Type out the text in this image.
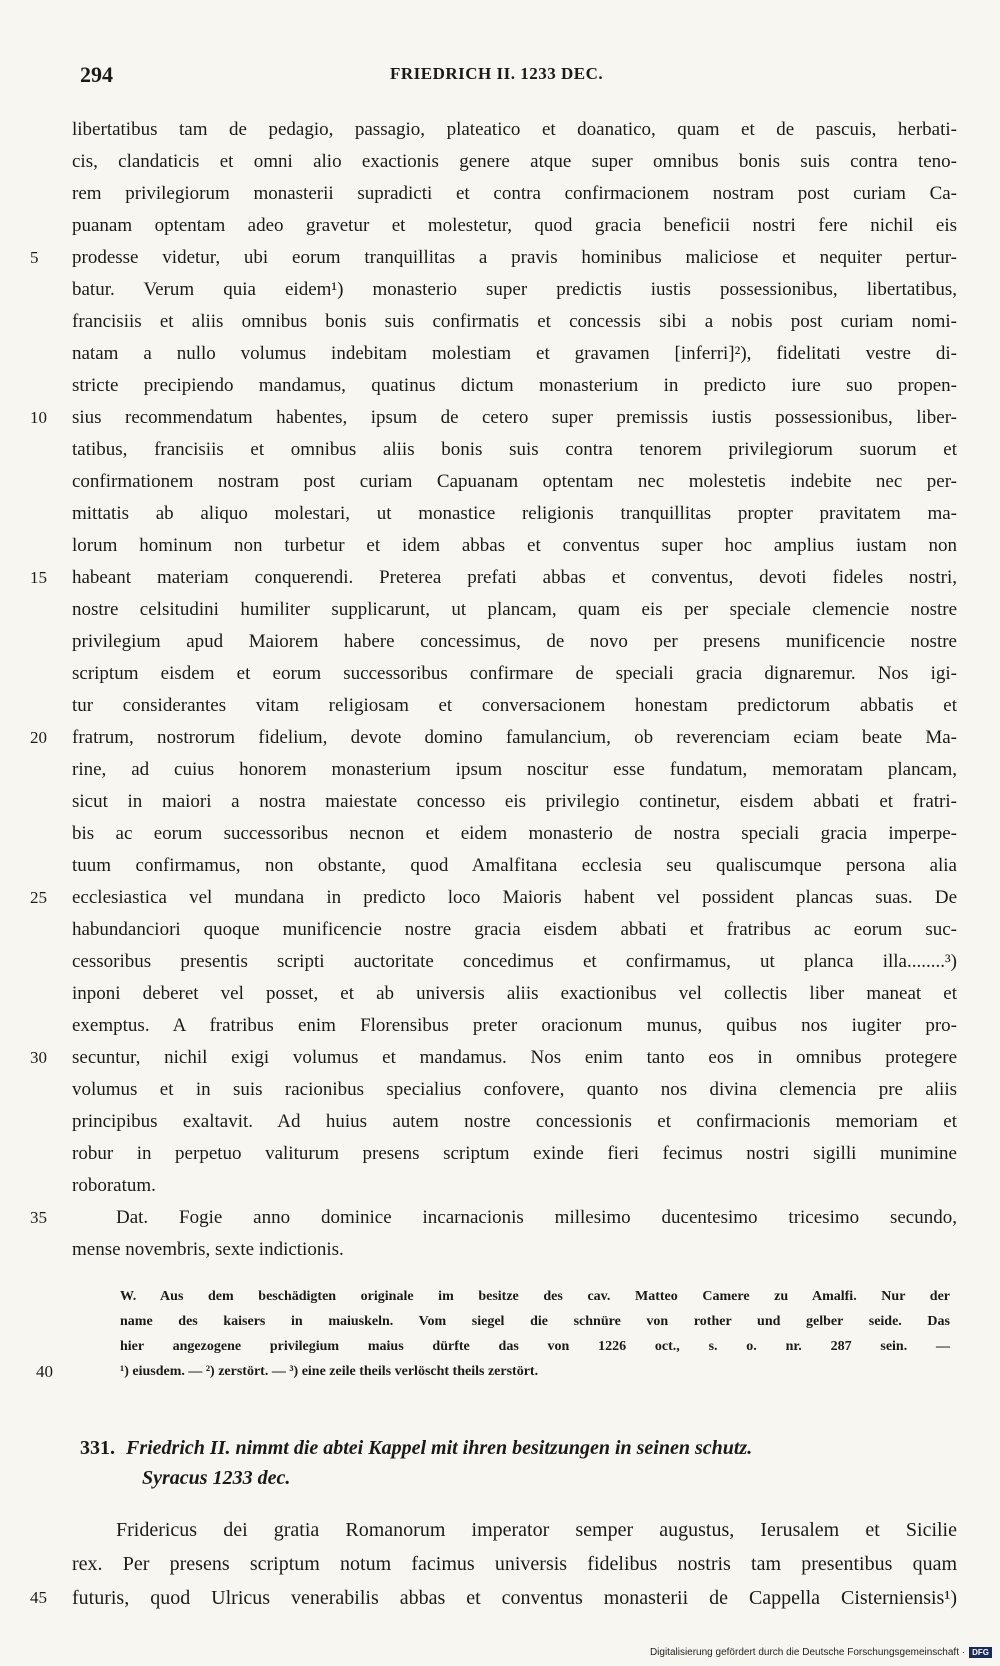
294	FRIEDRICH II. 1233 DEC.
libertatibus tam de pedagio, passagio, plateatico et doanatico, quam et de pascuis, herbati-
cis, clandaticis et omni alio exactionis genere atque super omnibus bonis suis contra teno-
rem privilegiorum monasterii supradicti et contra confirmacionem nostram post curiam Ca-
puanam optentam adeo gravetur et molestetur, quod gracia beneficii nostri fere nichil eis
5	prodesse videtur, ubi eorum tranquillitas a pravis hominibus maliciose et nequiter pertur-
batur. Verum quia eidem¹) monasterio super predictis iustis possessionibus, libertatibus,
francisiis et aliis omnibus bonis suis confirmatis et concessis sibi a nobis post curiam nomi-
natam a nullo volumus indebitam molestiam et gravamen [inferri]²), fidelitati vestre di-
stricte precipiendo mandamus, quatinus dictum monasterium in predicto iure suo propen-
10	sius recommendatum habentes, ipsum de cetero super premissis iustis possessionibus, liber-
tatibus, francisiis et omnibus aliis bonis suis contra tenorem privilegiorum suorum et
confirmationem nostram post curiam Capuanam optentam nec molestetis indebite nec per-
mittatis ab aliquo molestari, ut monastice religionis tranquillitas propter pravitatem ma-
lorum hominum non turbetur et idem abbas et conventus super hoc amplius iustam non
15	habeant materiam conquerendi. Preterea prefati abbas et conventus, devoti fideles nostri,
nostre celsitudini humiliter supplicarunt, ut plancam, quam eis per speciale clemencie nostre
privilegium apud Maiorem habere concessimus, de novo per presens munificencie nostre
scriptum eisdem et eorum successoribus confirmare de speciali gracia dignaremur. Nos igi-
tur considerantes vitam religiosam et conversacionem honestam predictorum abbatis et
20	fratrum, nostrorum fidelium, devote domino famulancium, ob reverenciam eciam beate Ma-
rine, ad cuius honorem monasterium ipsum noscitur esse fundatum, memoratam plancam,
sicut in maiori a nostra maiestate concesso eis privilegio continetur, eisdem abbati et fratri-
bis ac eorum successoribus necnon et eidem monasterio de nostra speciali gracia imperpe-
tuum confirmamus, non obstante, quod Amalfitana ecclesia seu qualiscumque persona alia
25	ecclesiastica vel mundana in predicto loco Maioris habent vel possident plancas suas. De
habundanciori quoque munificencie nostre gracia eisdem abbati et fratribus ac eorum suc-
cessoribus presentis scripti auctoritate concedimus et confirmamus, ut planca illa........³)
inponi deberet vel posset, et ab universis aliis exactionibus vel collectis liber maneat et
exemptus. A fratribus enim Florensibus preter oracionum munus, quibus nos iugiter pro-
30	secuntur, nichil exigi volumus et mandamus. Nos enim tanto eos in omnibus protegere
volumus et in suis racionibus specialius confovere, quanto nos divina clemencia pre aliis
principibus exaltavit. Ad huius autem nostre concessionis et confirmacionis memoriam et
robur in perpetuo valiturum presens scriptum exinde fieri fecimus nostri sigilli munimine
roboratum.
35	Dat. Fogie anno dominice incarnacionis millesimo ducentesimo tricesimo secundo,
mense novembris, sexte indictionis.
W. Aus dem beschädigten originale im besitze des cav. Matteo Camere zu Amalfi. Nur der
name des kaisers in maiuskeln. Vom siegel die schnüre von rother und gelber seide. Das
hier angezogene privilegium maius dürfte das von 1226 oct., s. o. nr. 287 sein. —
40	¹) eiusdem. — ²) zerstört. — ³) eine zeile theils verlöscht theils zerstört.
331. Friedrich II. nimmt die abtei Kappel mit ihren besitzungen in seinen schutz.
Syracus 1233 dec.
Fridericus dei gratia Romanorum imperator semper augustus, Ierusalem et Sicilie
rex. Per presens scriptum notum facimus universis fidelibus nostris tam presentibus quam
45	futuris, quod Ulricus venerabilis abbas et conventus monasterii de Cappella Cisterniensis¹)
Digitalisierung gefördert durch die Deutsche Forschungsgemeinschaft · DFG
